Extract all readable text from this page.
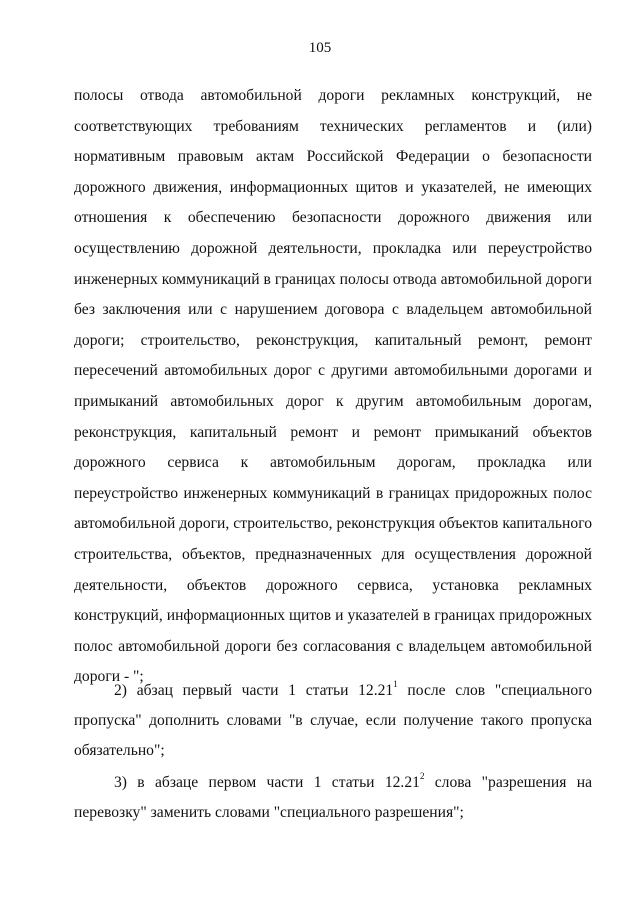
105

полосы отвода автомобильной дороги рекламных конструкций, не соответствующих требованиям технических регламентов и (или) нормативным правовым актам Российской Федерации о безопасности дорожного движения, информационных щитов и указателей, не имеющих отношения к обеспечению безопасности дорожного движения или осуществлению дорожной деятельности, прокладка или переустройство инженерных коммуникаций в границах полосы отвода автомобильной дороги без заключения или с нарушением договора с владельцем автомобильной дороги; строительство, реконструкция, капитальный ремонт, ремонт пересечений автомобильных дорог с другими автомобильными дорогами и примыканий автомобильных дорог к другим автомобильным дорогам, реконструкция, капитальный ремонт и ремонт примыканий объектов дорожного сервиса к автомобильным дорогам, прокладка или переустройство инженерных коммуникаций в границах придорожных полос автомобильной дороги, строительство, реконструкция объектов капитального строительства, объектов, предназначенных для осуществления дорожной деятельности, объектов дорожного сервиса, установка рекламных конструкций, информационных щитов и указателей в границах придорожных полос автомобильной дороги без согласования с владельцем автомобильной дороги - ";

2) абзац первый части 1 статьи 12.21$^1$ после слов "специального пропуска" дополнить словами "в случае, если получение такого пропуска обязательно";

3) в абзаце первом части 1 статьи 12.21$^2$ слова "разрешения на перевозку" заменить словами "специального разрешения";
